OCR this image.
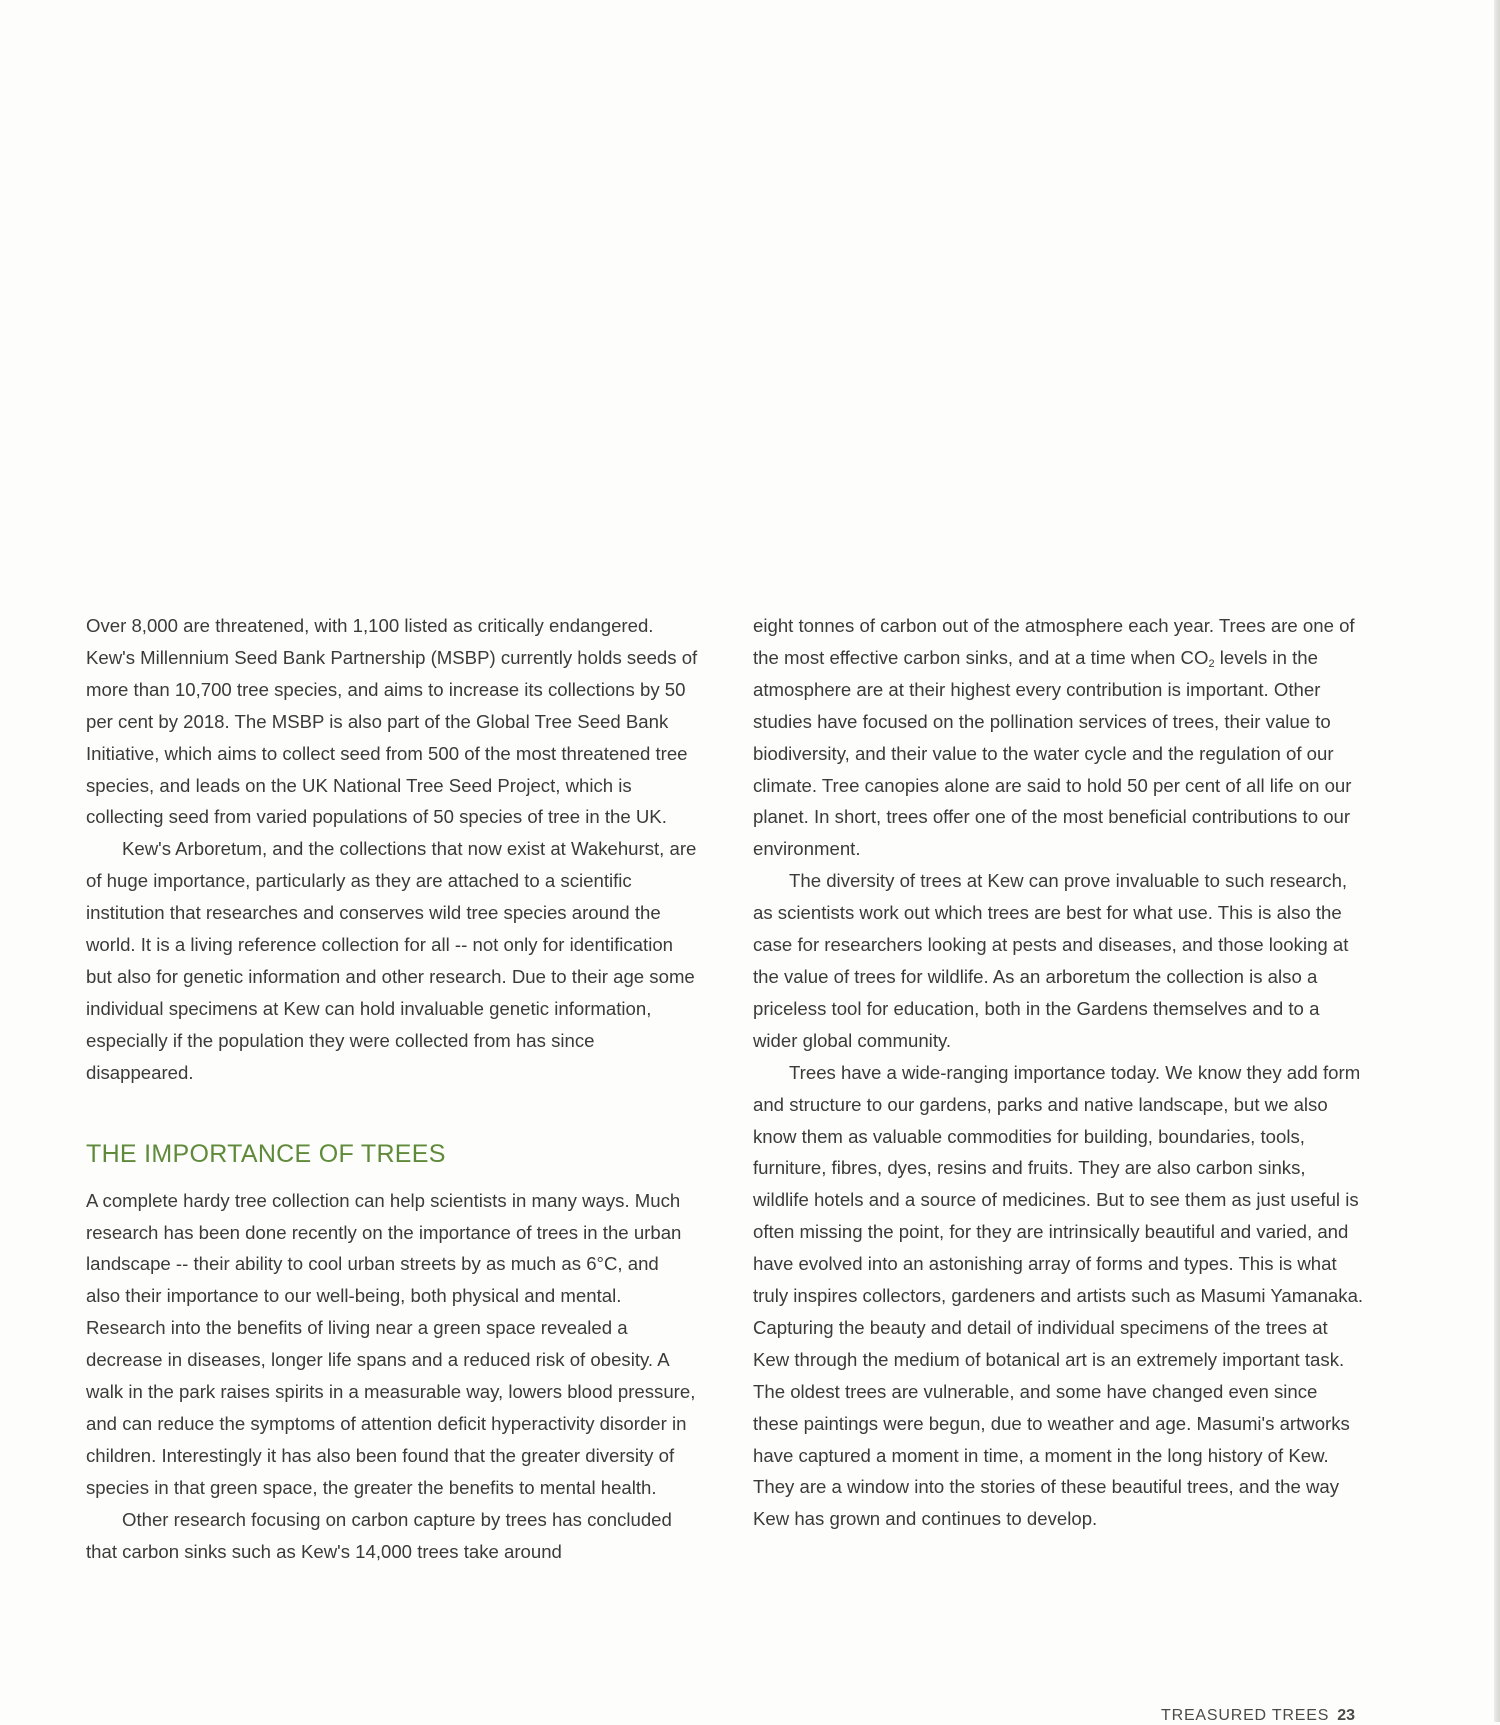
Over 8,000 are threatened, with 1,100 listed as critically endangered. Kew's Millennium Seed Bank Partnership (MSBP) currently holds seeds of more than 10,700 tree species, and aims to increase its collections by 50 per cent by 2018. The MSBP is also part of the Global Tree Seed Bank Initiative, which aims to collect seed from 500 of the most threatened tree species, and leads on the UK National Tree Seed Project, which is collecting seed from varied populations of 50 species of tree in the UK.

Kew's Arboretum, and the collections that now exist at Wakehurst, are of huge importance, particularly as they are attached to a scientific institution that researches and conserves wild tree species around the world. It is a living reference collection for all -- not only for identification but also for genetic information and other research. Due to their age some individual specimens at Kew can hold invaluable genetic information, especially if the population they were collected from has since disappeared.

THE IMPORTANCE OF TREES

A complete hardy tree collection can help scientists in many ways. Much research has been done recently on the importance of trees in the urban landscape -- their ability to cool urban streets by as much as 6°C, and also their importance to our well-being, both physical and mental. Research into the benefits of living near a green space revealed a decrease in diseases, longer life spans and a reduced risk of obesity. A walk in the park raises spirits in a measurable way, lowers blood pressure, and can reduce the symptoms of attention deficit hyperactivity disorder in children. Interestingly it has also been found that the greater diversity of species in that green space, the greater the benefits to mental health.

Other research focusing on carbon capture by trees has concluded that carbon sinks such as Kew's 14,000 trees take around

eight tonnes of carbon out of the atmosphere each year. Trees are one of the most effective carbon sinks, and at a time when $CO_2$ levels in the atmosphere are at their highest every contribution is important. Other studies have focused on the pollination services of trees, their value to biodiversity, and their value to the water cycle and the regulation of our climate. Tree canopies alone are said to hold 50 per cent of all life on our planet. In short, trees offer one of the most beneficial contributions to our environment.

The diversity of trees at Kew can prove invaluable to such research, as scientists work out which trees are best for what use. This is also the case for researchers looking at pests and diseases, and those looking at the value of trees for wildlife. As an arboretum the collection is also a priceless tool for education, both in the Gardens themselves and to a wider global community.

Trees have a wide-ranging importance today. We know they add form and structure to our gardens, parks and native landscape, but we also know them as valuable commodities for building, boundaries, tools, furniture, fibres, dyes, resins and fruits. They are also carbon sinks, wildlife hotels and a source of medicines. But to see them as just useful is often missing the point, for they are intrinsically beautiful and varied, and have evolved into an astonishing array of forms and types. This is what truly inspires collectors, gardeners and artists such as Masumi Yamanaka. Capturing the beauty and detail of individual specimens of the trees at Kew through the medium of botanical art is an extremely important task. The oldest trees are vulnerable, and some have changed even since these paintings were begun, due to weather and age. Masumi's artworks have captured a moment in time, a moment in the long history of Kew. They are a window into the stories of these beautiful trees, and the way Kew has grown and continues to develop.

TREASURED TREES 23
